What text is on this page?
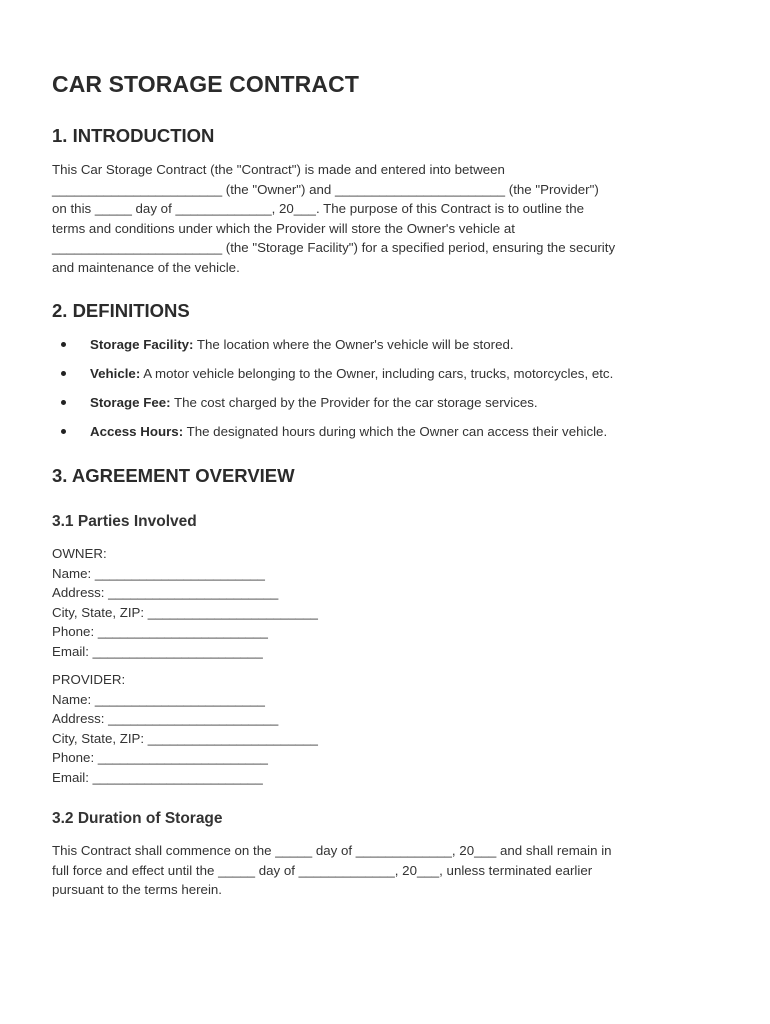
CAR STORAGE CONTRACT
1. INTRODUCTION

This Car Storage Contract (the "Contract") is made and entered into between
_______________________ (the "Owner") and _______________________ (the "Provider")
on this _____ day of _____________, 20___. The purpose of this Contract is to outline the
terms and conditions under which the Provider will store the Owner's vehicle at
_______________________ (the "Storage Facility") for a specified period, ensuring the security
and maintenance of the vehicle.

2. DEFINITIONS
Storage Facility: The location where the Owner's vehicle will be stored.
Vehicle: A motor vehicle belonging to the Owner, including cars, trucks, motorcycles, etc.
Storage Fee: The cost charged by the Provider for the car storage services.
Access Hours: The designated hours during which the Owner can access their vehicle.
3. AGREEMENT OVERVIEW
3.1 Parties Involved
OWNER:
Name: _______________________
Address: _______________________
City, State, ZIP: _______________________
Phone: _______________________
Email: _______________________
PROVIDER:
Name: _______________________
Address: _______________________
City, State, ZIP: _______________________
Phone: _______________________
Email: _______________________
3.2 Duration of Storage

This Contract shall commence on the _____ day of _____________, 20___ and shall remain in
full force and effect until the _____ day of _____________, 20___, unless terminated earlier
pursuant to the terms herein.
